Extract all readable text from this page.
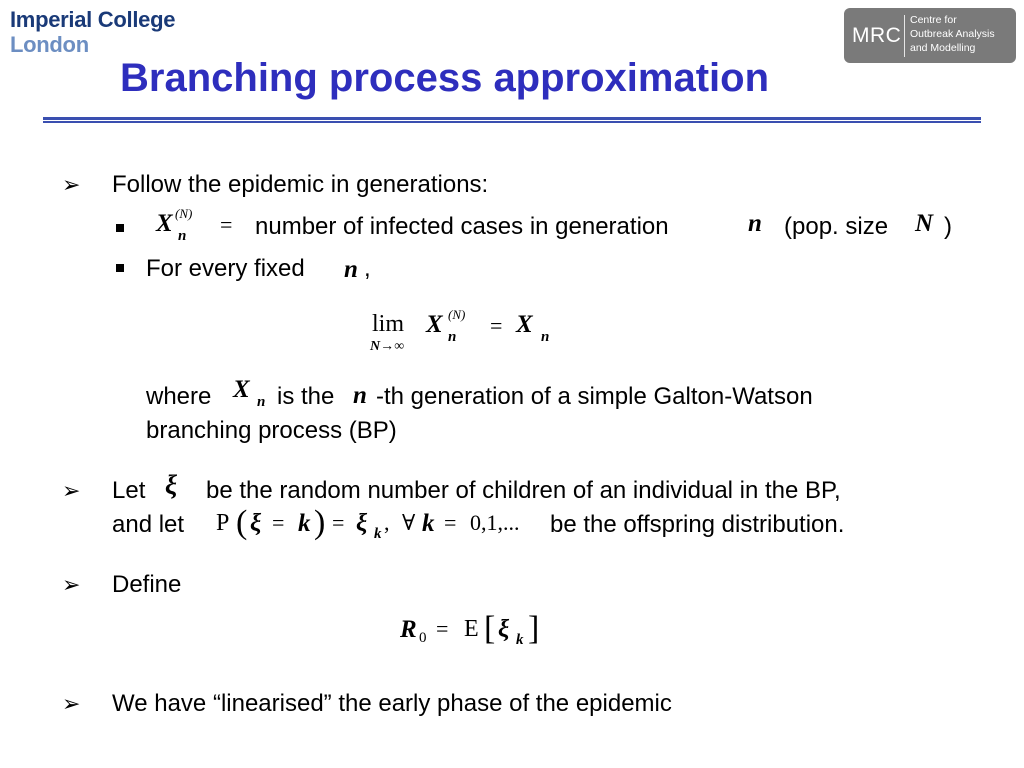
Imperial College
London	MRC
Centre for
Outbreak Analysis
and Modelling
Branching process approximation
➢ Follow the epidemic in generations:
X (N)
n = number of infected cases in generation	n (pop. size N )
For every fixed n ,
lim
N→∞
X (N)
n = X n
where X n is the n -th generation of a simple Galton-Watson
branching process (BP)
➢ Let ξ be the random number of children of an individual in the BP,
and let P ( ξ = k ) = ξ k , ∀ k = 0,1,... be the offspring distribution.
➢ Define
R 0 = E [ ξ k ]
➢ We have “linearised” the early phase of the epidemic
